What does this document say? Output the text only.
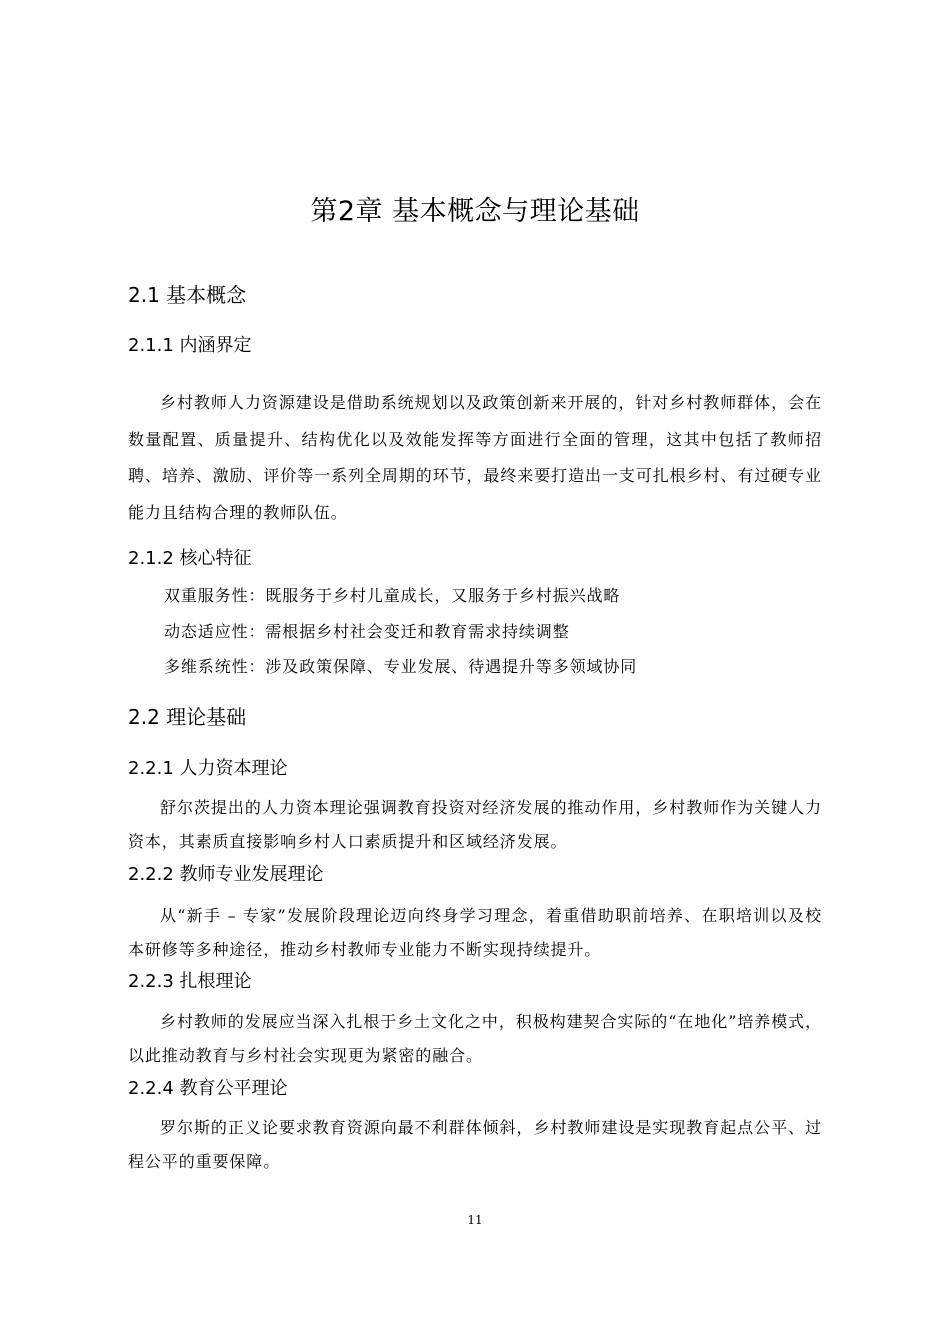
第2章 基本概念与理论基础
2.1 基本概念
2.1.1 内涵界定
乡村教师人力资源建设是借助系统规划以及政策创新来开展的，针对乡村教师群体，会在数量配置、质量提升、结构优化以及效能发挥等方面进行全面的管理，这其中包括了教师招聘、培养、激励、评价等一系列全周期的环节，最终来要打造出一支可扎根乡村、有过硬专业能力且结构合理的教师队伍。
2.1.2 核心特征
双重服务性：既服务于乡村儿童成长，又服务于乡村振兴战略
动态适应性：需根据乡村社会变迁和教育需求持续调整
多维系统性：涉及政策保障、专业发展、待遇提升等多领域协同
2.2 理论基础
2.2.1 人力资本理论
舒尔茨提出的人力资本理论强调教育投资对经济发展的推动作用，乡村教师作为关键人力资本，其素质直接影响乡村人口素质提升和区域经济发展。
2.2.2 教师专业发展理论
从“新手 – 专家”发展阶段理论迈向终身学习理念，着重借助职前培养、在职培训以及校本研修等多种途径，推动乡村教师专业能力不断实现持续提升。
2.2.3 扎根理论
乡村教师的发展应当深入扎根于乡土文化之中，积极构建契合实际的“在地化”培养模式，以此推动教育与乡村社会实现更为紧密的融合。
2.2.4 教育公平理论
罗尔斯的正义论要求教育资源向最不利群体倾斜，乡村教师建设是实现教育起点公平、过程公平的重要保障。
11
